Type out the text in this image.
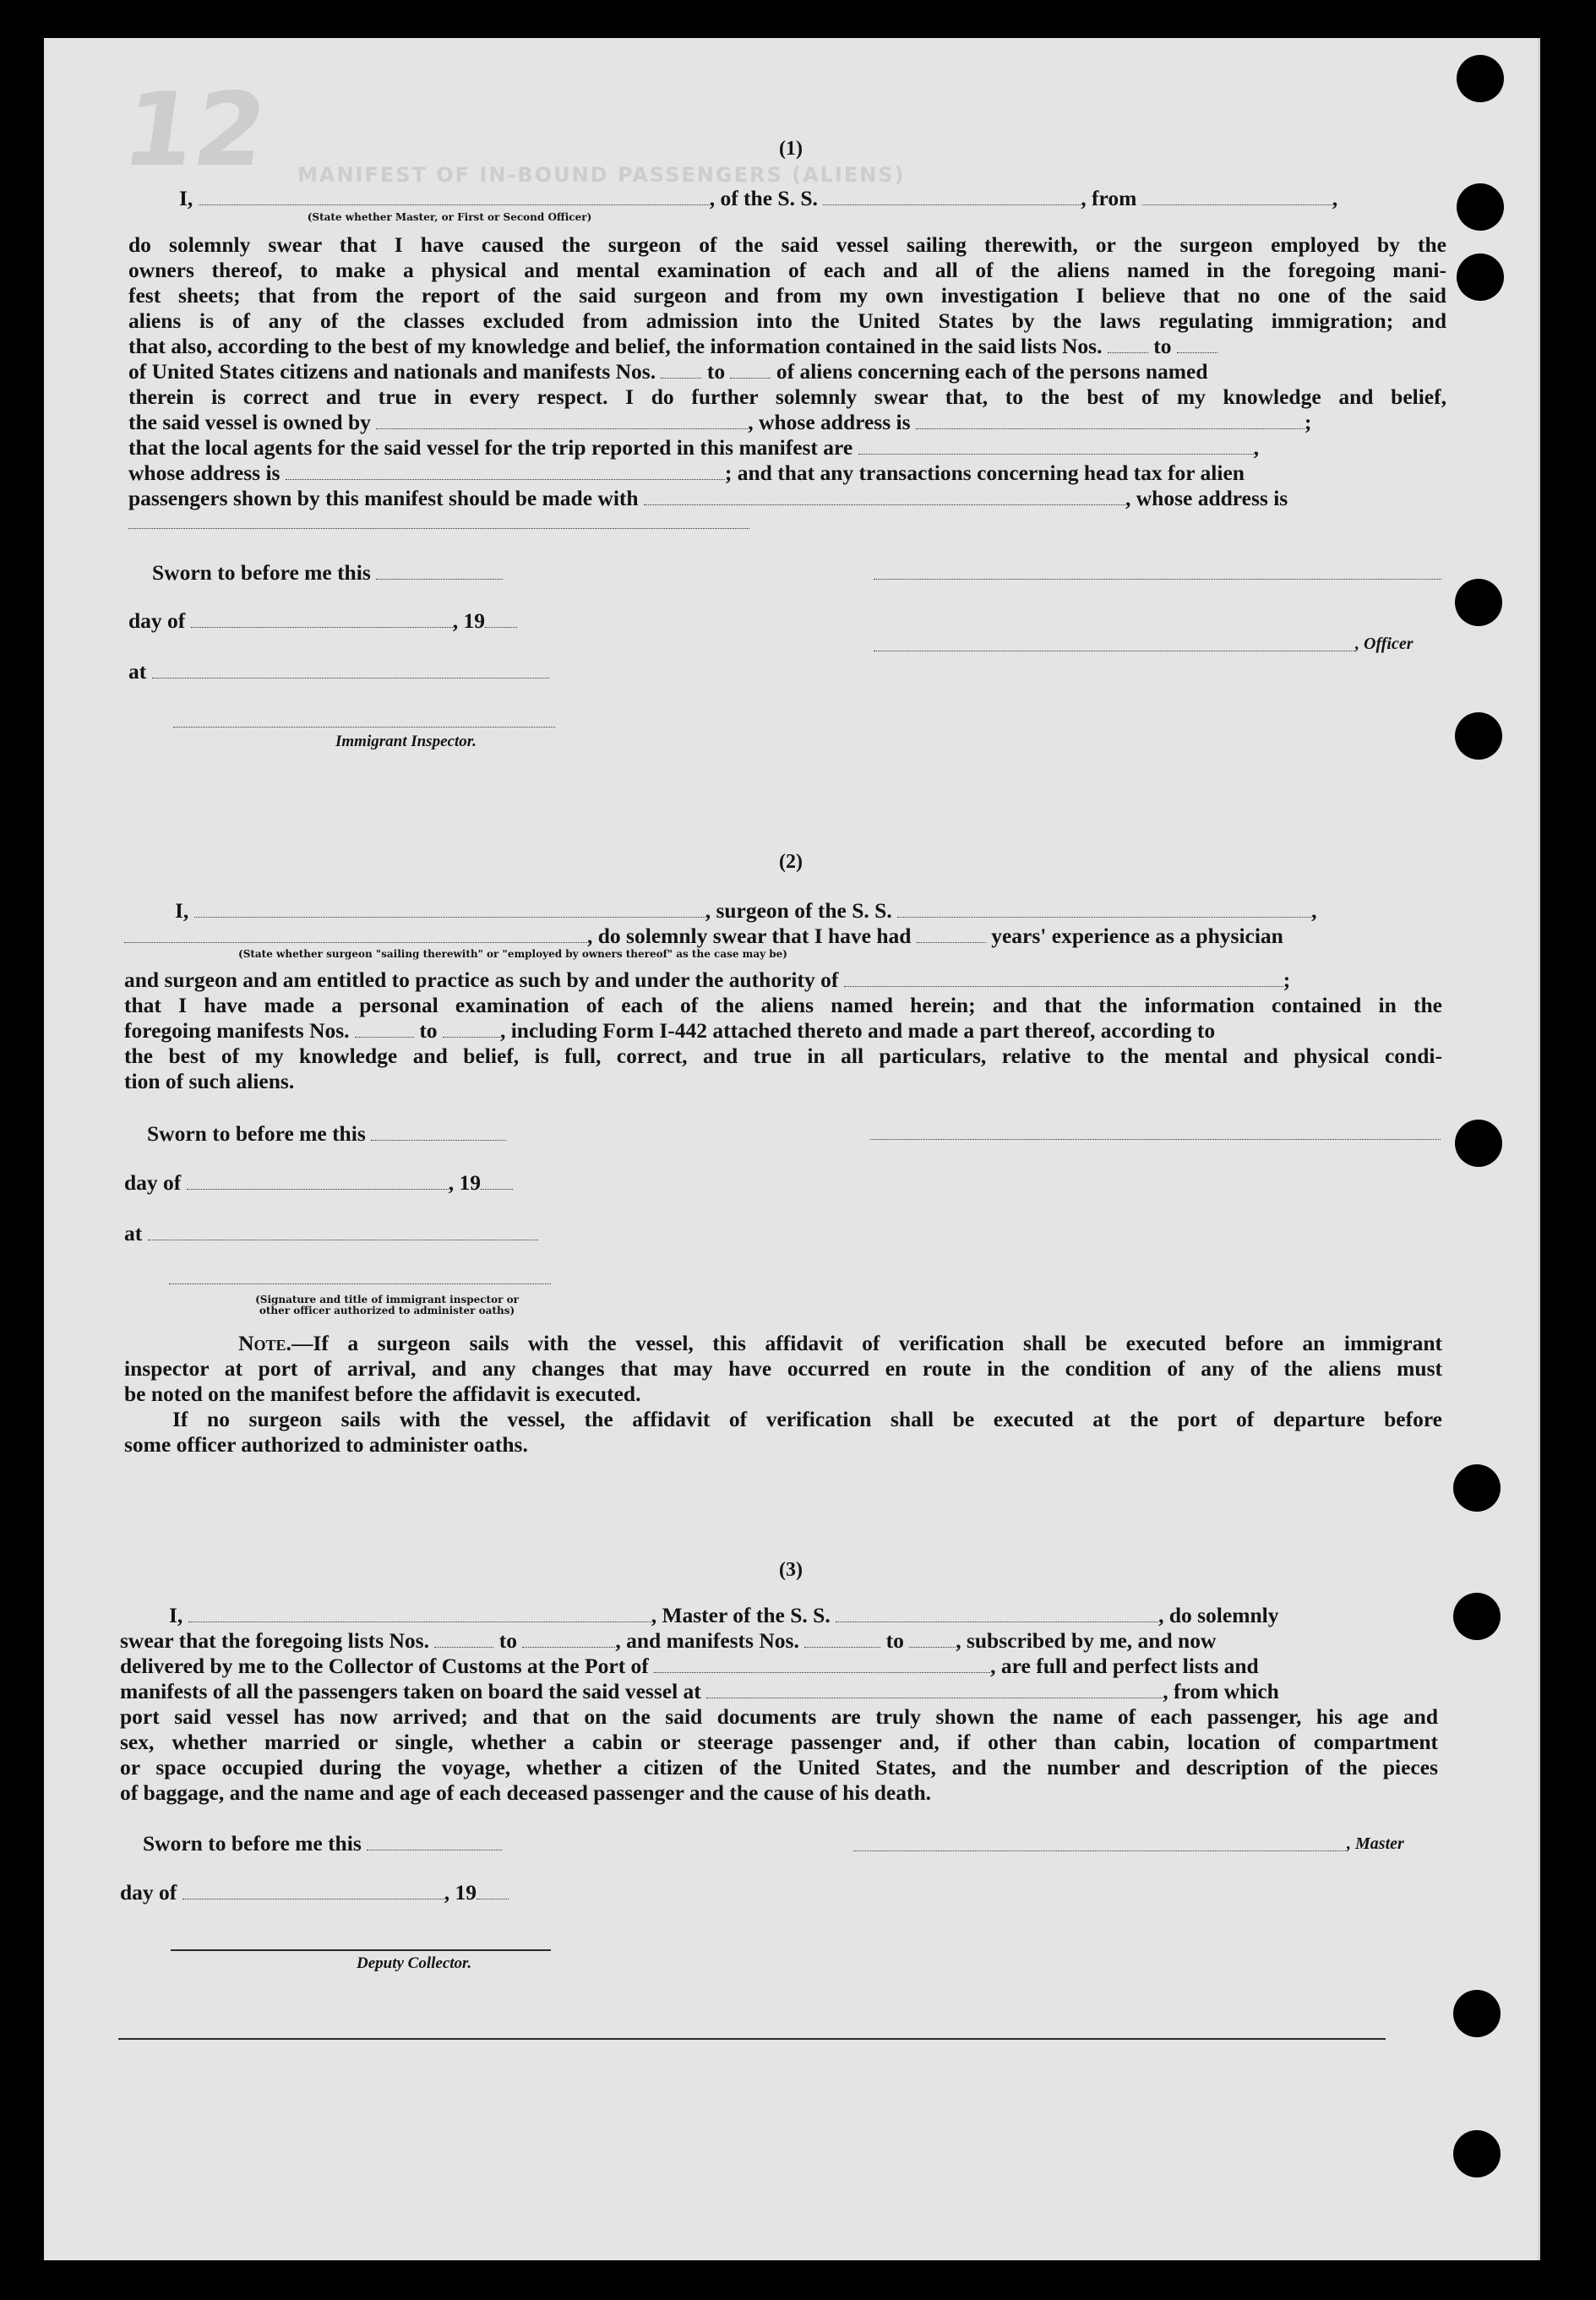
12 MANIFEST OF IN-BOUND PASSENGERS (ALIENS)
(1)
I,	, of the S. S.	, from	,
(State whether Master, or First or Second Officer)
do solemnly swear that I have caused the surgeon of the said vessel sailing therewith, or the surgeon employed by the
owners thereof, to make a physical and mental examination of each and all of the aliens named in the foregoing mani-
fest sheets; that from the report of the said surgeon and from my own investigation I believe that no one of the said
aliens is of any of the classes excluded from admission into the United States by the laws regulating immigration; and
that also, according to the best of my knowledge and belief, the information contained in the said lists Nos. to
of United States citizens and nationals and manifests Nos. to of aliens concerning each of the persons named
therein is correct and true in every respect. I do further solemnly swear that, to the best of my knowledge and belief,
the said vessel is owned by	, whose address is	;
that the local agents for the said vessel for the trip reported in this manifest are	,
whose address is	; and that any transactions concerning head tax for alien
passengers shown by this manifest should be made with	, whose address is
Sworn to before me this
day of	, 19
, Officer
at
Immigrant Inspector.
(2)
I,	, surgeon of the S. S.	,
, do solemnly swear that I have had	years' experience as a physician
(State whether surgeon "sailing therewith" or "employed by owners thereof" as the case may be)
and surgeon and am entitled to practice as such by and under the authority of	;
that I have made a personal examination of each of the aliens named herein; and that the information contained in the
foregoing manifests Nos.	to	, including Form I-442 attached thereto and made a part thereof, according to
the best of my knowledge and belief, is full, correct, and true in all particulars, relative to the mental and physical condi-
tion of such aliens.
Sworn to before me this
day of	, 19
at
(Signature and title of immigrant inspector or
other officer authorized to administer oaths)
Note.—If a surgeon sails with the vessel, this affidavit of verification shall be executed before an immigrant
inspector at port of arrival, and any changes that may have occurred en route in the condition of any of the aliens must
be noted on the manifest before the affidavit is executed.
If no surgeon sails with the vessel, the affidavit of verification shall be executed at the port of departure before
some officer authorized to administer oaths.
(3)
I,	, Master of the S. S.	, do solemnly
swear that the foregoing lists Nos.	to	, and manifests Nos.	to , subscribed by me, and now
delivered by me to the Collector of Customs at the Port of	, are full and perfect lists and
manifests of all the passengers taken on board the said vessel at	, from which
port said vessel has now arrived; and that on the said documents are truly shown the name of each passenger, his age and
sex, whether married or single, whether a cabin or steerage passenger and, if other than cabin, location of compartment
or space occupied during the voyage, whether a citizen of the United States, and the number and description of the pieces
of baggage, and the name and age of each deceased passenger and the cause of his death.
Sworn to before me this	, Master
day of	, 19
Deputy Collector.
